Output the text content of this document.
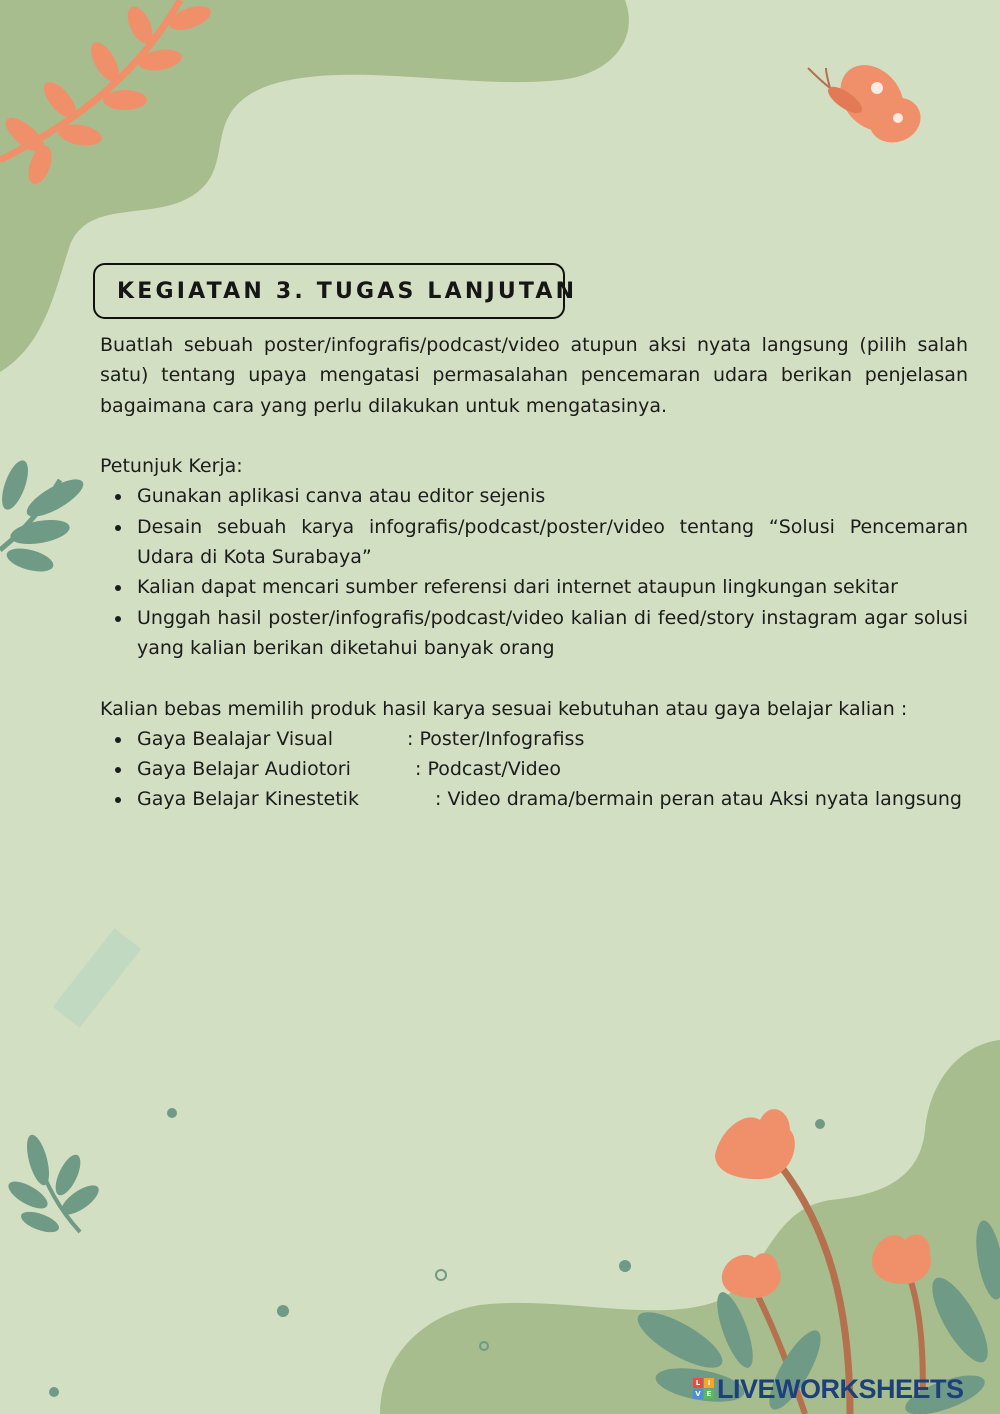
KEGIATAN 3. TUGAS LANJUTAN

Buatlah sebuah poster/infografis/podcast/video atupun aksi nyata langsung (pilih salah satu) tentang upaya mengatasi permasalahan pencemaran udara berikan penjelasan bagaimana cara yang perlu dilakukan untuk mengatasinya.

Petunjuk Kerja:

Gunakan aplikasi canva atau editor sejenis
Desain sebuah karya infografis/podcast/poster/video tentang “Solusi Pencemaran Udara di Kota Surabaya”
Kalian dapat mencari sumber referensi dari internet ataupun lingkungan sekitar
Unggah hasil poster/infografis/podcast/video kalian di feed/story instagram agar solusi yang kalian berikan diketahui banyak orang

Kalian bebas memilih produk hasil karya sesuai kebutuhan atau gaya belajar kalian :

Gaya Bealajar Visual	: Poster/Infografiss
Gaya Belajar Audiotori	: Podcast/Video
Gaya Belajar Kinestetik	: Video drama/bermain peran atau Aksi nyata langsung
L	I
V E LIVEWORKSHEETS
